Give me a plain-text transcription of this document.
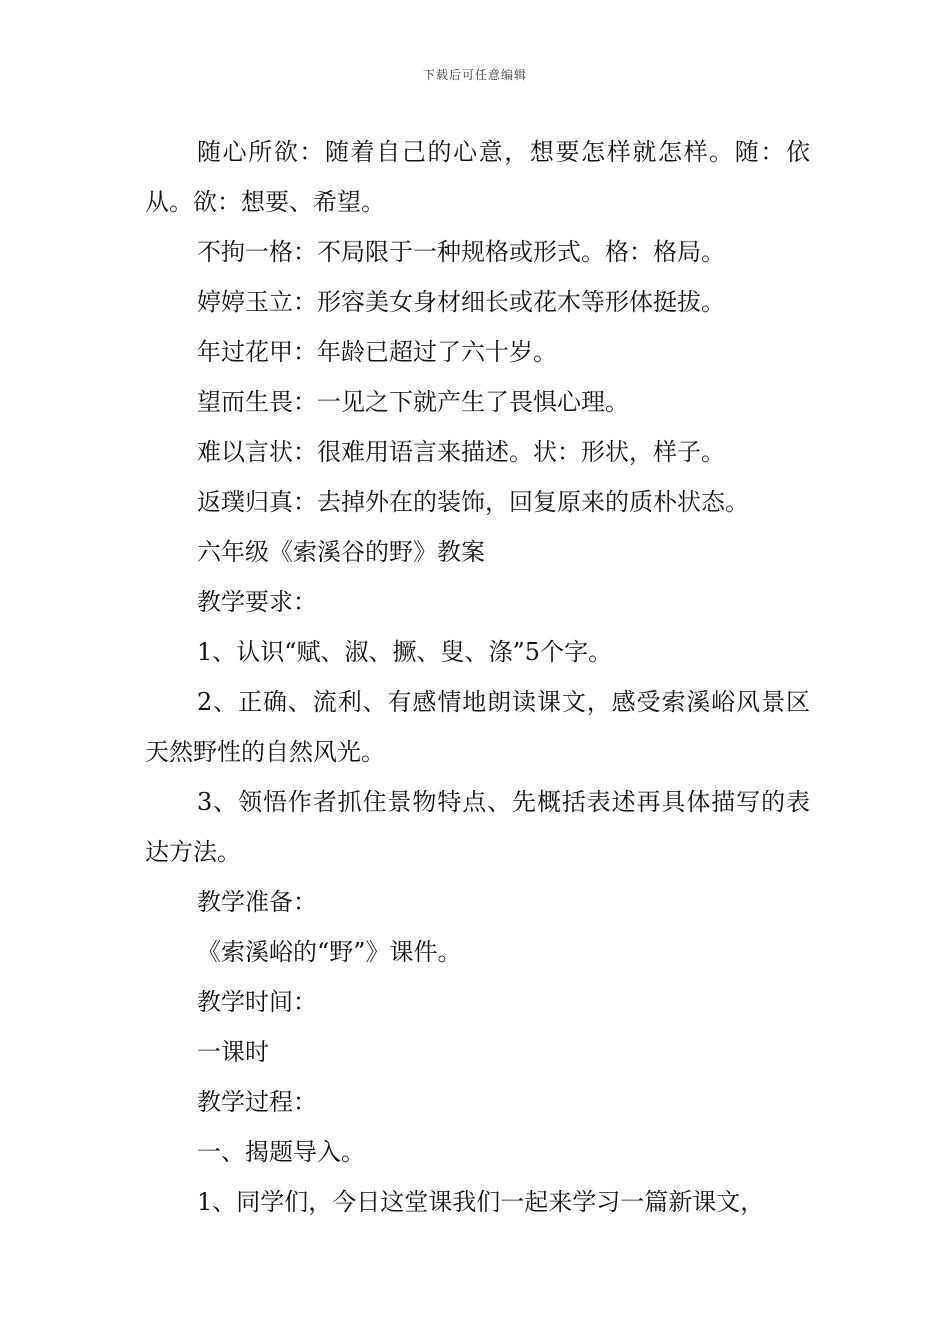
下载后可任意编辑

随心所欲：随着自己的心意，想要怎样就怎样。随：依从。欲：想要、希望。

不拘一格：不局限于一种规格或形式。格：格局。

婷婷玉立：形容美女身材细长或花木等形体挺拔。

年过花甲：年龄已超过了六十岁。

望而生畏：一见之下就产生了畏惧心理。

难以言状：很难用语言来描述。状：形状，样子。

返璞归真：去掉外在的装饰，回复原来的质朴状态。

六年级《索溪谷的野》教案

教学要求：

1、认识“赋、淑、撅、叟、涤”5个字。

2、正确、流利、有感情地朗读课文，感受索溪峪风景区天然野性的自然风光。

3、领悟作者抓住景物特点、先概括表述再具体描写的表达方法。

教学准备：

《索溪峪的“野”》课件。

教学时间：

一课时

教学过程：

一、揭题导入。

1、同学们，今日这堂课我们一起来学习一篇新课文，
